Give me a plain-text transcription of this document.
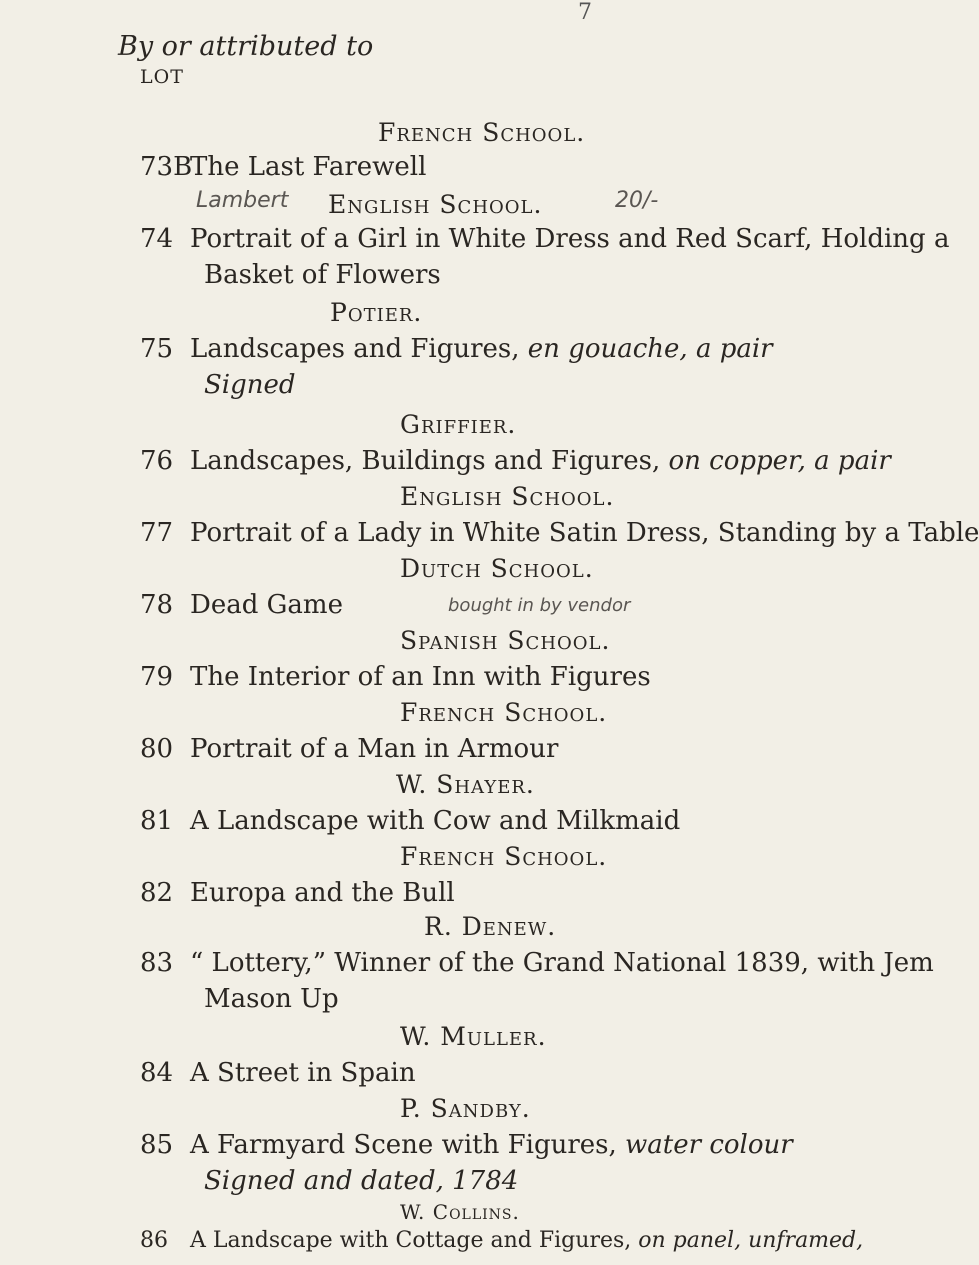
7
By or attributed to
LOT
French School.
73B
The Last Farewell
English School.
74 Portrait of a Girl in White Dress and Red Scarf, Holding a
Basket of Flowers
Potier.
75 Landscapes and Figures, en gouache, a pair
Signed
Griffier.
76 Landscapes, Buildings and Figures, on copper, a pair
English School.
77 Portrait of a Lady in White Satin Dress, Standing by a Table
Dutch School.
78 Dead Game
Spanish School.
79 The Interior of an Inn with Figures
French School.
80 Portrait of a Man in Armour
W. Shayer.
81 A Landscape with Cow and Milkmaid
French School.
82 Europa and the Bull
R. Denew.
83 “ Lottery,” Winner of the Grand National 1839, with Jem
Mason Up
W. Muller.
84 A Street in Spain
P. Sandby.
85 A Farmyard Scene with Figures, water colour
Signed and dated, 1784
W. Collins.
86 A Landscape with Cottage and Figures, on panel, unframed,
Lambert	20/-
bought in by vendor
